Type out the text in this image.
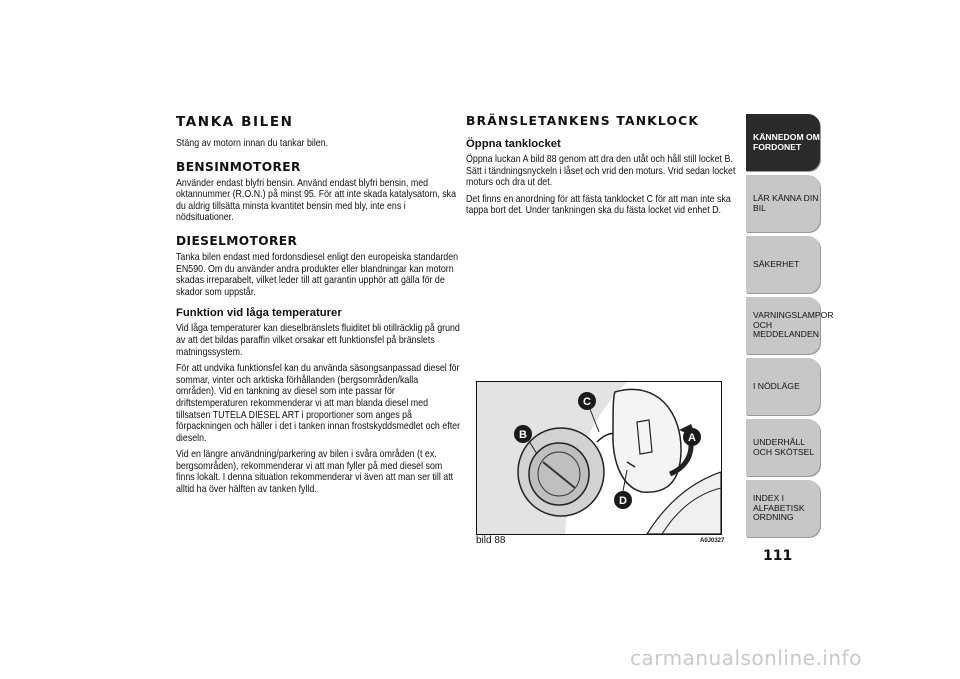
TANKA BILEN

Stäng av motorn innan du tankar bilen.

BENSINMOTORER

Använder endast blyfri bensin. Använd endast blyfri bensin, med oktannummer (R.O.N.) på minst 95. För att inte skada katalysatorn, ska du aldrig tillsätta minsta kvantitet bensin med bly, inte ens i nödsituationer.

DIESELMOTORER

Tanka bilen endast med fordonsdiesel enligt den europeiska standarden EN590. Om du använder andra produkter eller blandningar kan motorn skadas irreparabelt, vilket leder till att garantin upphör att gälla för de skador som uppstår.

Funktion vid låga temperaturer

Vid låga temperaturer kan dieselbränslets fluiditet bli otillräcklig på grund av att det bildas paraffin vilket orsakar ett funktionsfel på bränslets matningssystem.

För att undvika funktionsfel kan du använda säsongsanpassad diesel för sommar, vinter och arktiska förhållanden (bergsområden/kalla områden). Vid en tankning av diesel som inte passar för driftstemperaturen rekommenderar vi att man blanda diesel med tillsatsen TUTELA DIESEL ART i proportioner som anges på förpackningen och häller i det i tanken innan frostskyddsmedlet och efter dieseln.

Vid en längre användning/parkering av bilen i svåra områden (t ex. bergsområden), rekommenderar vi att man fyller på med diesel som finns lokalt. I denna situation rekommenderar vi även att man ser till att alltid ha över hälften av tanken fylld.

BRÄNSLETANKENS TANKLOCK
Öppna tanklocket

Öppna luckan A bild 88 genom att dra den utåt och håll still locket B. Sätt i tändningsnyckeln i låset och vrid den moturs. Vrid sedan locket moturs och dra ut det.

Det finns en anordning för att fästa tanklocket C för att man inte ska tappa bort det. Under tankningen ska du fästa locket vid enhet D.

B
C
A
D
bild 88	A0J0327
KÄNNEDOM OM FORDONET
LÄR KÄNNA DIN BIL
SÄKERHET
VARNINGSLAMPOR OCH MEDDELANDEN
I NÖDLÄGE
UNDERHÅLL OCH SKÖTSEL
INDEX I ALFABETISK ORDNING
111
carmanualsonline.info
